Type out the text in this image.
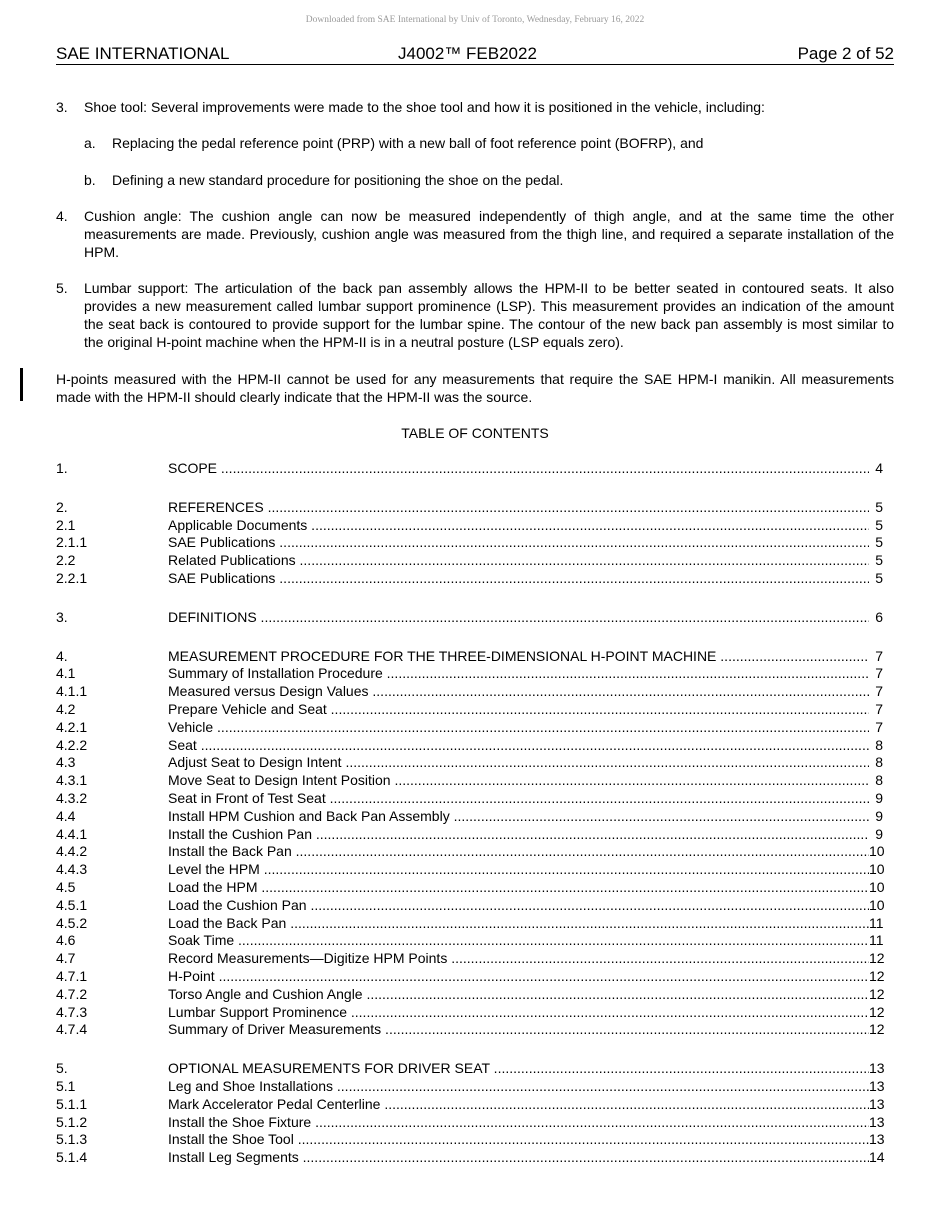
Downloaded from SAE International by Univ of Toronto, Wednesday, February 16, 2022
SAE INTERNATIONAL	J4002™ FEB2022	Page 2 of 52
3. Shoe tool: Several improvements were made to the shoe tool and how it is positioned in the vehicle, including:
a. Replacing the pedal reference point (PRP) with a new ball of foot reference point (BOFRP), and
b. Defining a new standard procedure for positioning the shoe on the pedal.
4. Cushion angle: The cushion angle can now be measured independently of thigh angle, and at the same time the other measurements are made. Previously, cushion angle was measured from the thigh line, and required a separate installation of the HPM.
5. Lumbar support: The articulation of the back pan assembly allows the HPM-II to be better seated in contoured seats. It also provides a new measurement called lumbar support prominence (LSP). This measurement provides an indication of the amount the seat back is contoured to provide support for the lumbar spine. The contour of the new back pan assembly is most similar to the original H-point machine when the HPM-II is in a neutral posture (LSP equals zero).
H-points measured with the HPM-II cannot be used for any measurements that require the SAE HPM-I manikin. All measurements made with the HPM-II should clearly indicate that the HPM-II was the source.
TABLE OF CONTENTS
1.	SCOPE .....	4
2.	REFERENCES .....	5
2.1	Applicable Documents .....	5
2.1.1	SAE Publications .....	5
2.2	Related Publications .....	5
2.2.1	SAE Publications .....	5
3.	DEFINITIONS .....	6
4.	MEASUREMENT PROCEDURE FOR THE THREE-DIMENSIONAL H-POINT MACHINE .....	7
4.1	Summary of Installation Procedure .....	7
4.1.1	Measured versus Design Values .....	7
4.2	Prepare Vehicle and Seat .....	7
4.2.1	Vehicle .....	7
4.2.2	Seat .....	8
4.3	Adjust Seat to Design Intent .....	8
4.3.1	Move Seat to Design Intent Position .....	8
4.3.2	Seat in Front of Test Seat .....	9
4.4	Install HPM Cushion and Back Pan Assembly .....	9
4.4.1	Install the Cushion Pan .....	9
4.4.2	Install the Back Pan .....	10
4.4.3	Level the HPM .....	10
4.5	Load the HPM .....	10
4.5.1	Load the Cushion Pan .....	10
4.5.2	Load the Back Pan .....	11
4.6	Soak Time .....	11
4.7	Record Measurements—Digitize HPM Points .....	12
4.7.1	H-Point .....	12
4.7.2	Torso Angle and Cushion Angle .....	12
4.7.3	Lumbar Support Prominence .....	12
4.7.4	Summary of Driver Measurements .....	12
5.	OPTIONAL MEASUREMENTS FOR DRIVER SEAT .....	13
5.1	Leg and Shoe Installations .....	13
5.1.1	Mark Accelerator Pedal Centerline .....	13
5.1.2	Install the Shoe Fixture .....	13
5.1.3	Install the Shoe Tool .....	13
5.1.4	Install Leg Segments .....	14
